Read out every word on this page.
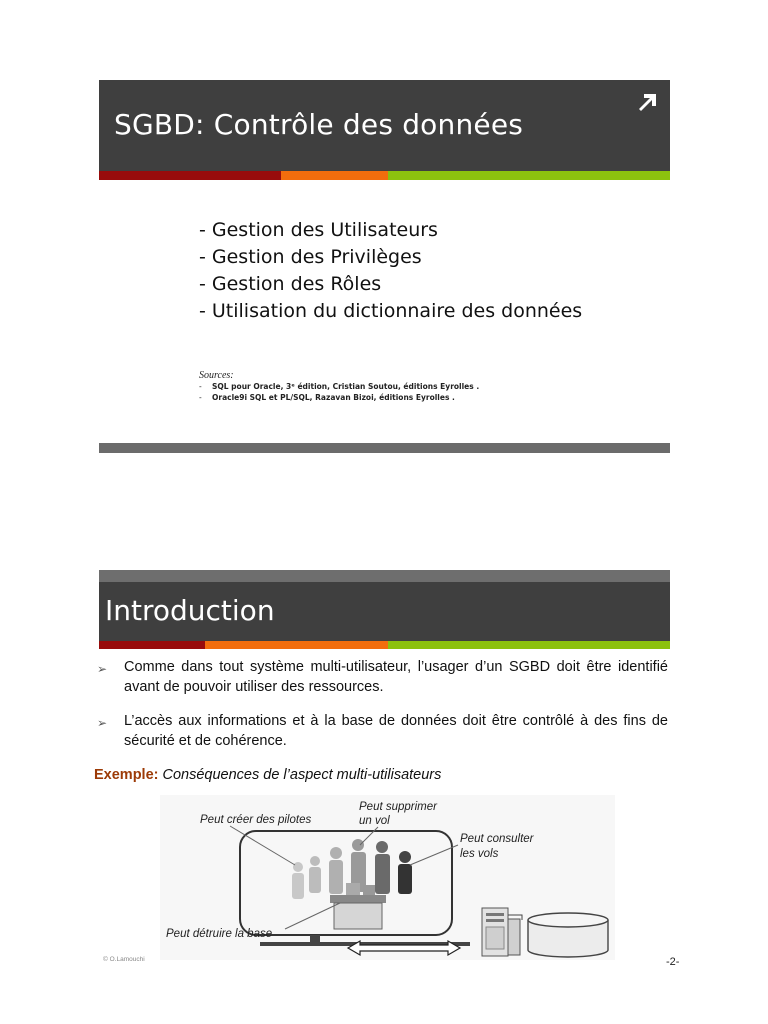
SGBD: Contrôle des données
- Gestion des Utilisateurs
- Gestion des Privilèges
- Gestion des Rôles
- Utilisation du dictionnaire des données
Sources:
- SQL pour Oracle, 3ᵉ édition, Cristian Soutou, éditions Eyrolles .
- Oracle9i SQL et PL/SQL, Razavan Bizoi, éditions Eyrolles .
Introduction
➢ Comme dans tout système multi-utilisateur, l’usager d’un SGBD doit être identifié avant de pouvoir utiliser des ressources.
➢ L’accès aux informations et à la base de données doit être contrôlé à des fins de sécurité et de cohérence.
Exemple: Conséquences de l’aspect multi-utilisateurs
Peut créer des pilotes
Peut supprimer
un vol
Peut consulter
les vols
Peut détruire la base
© O.Lamouchi	-2-
